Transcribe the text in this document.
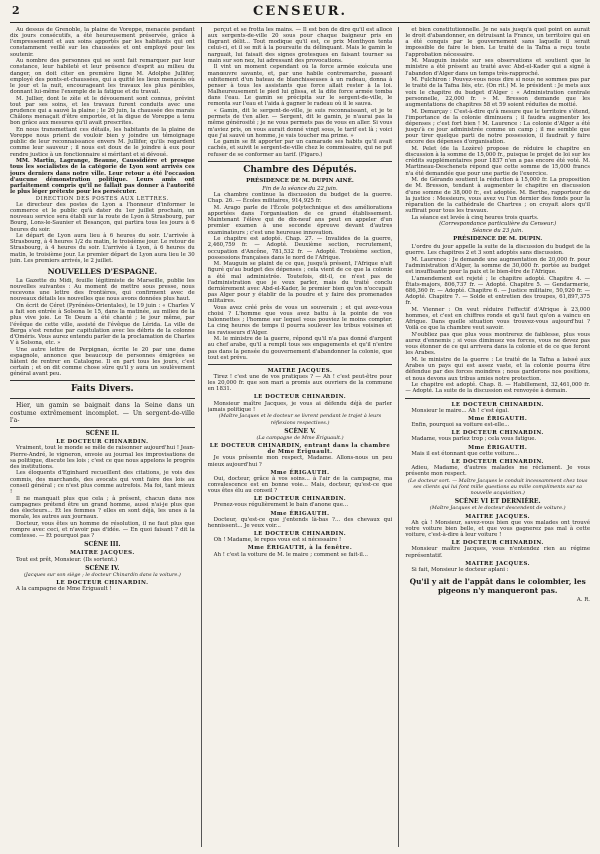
2	CENSEUR.

Au dessus de Grenoble, la plaine de Voreppe, menacée pendant dix jours consécutifs, a été heureusement préservée, grâce à l'empressement et aux soins apportés par les habitants qui ont constamment veillé sur les chaussées et ont employé pour les soutenir.

Au nombre des personnes qui se sont fait remarquer par leur constance, leur habileté et leur présence d'esprit au milieu du danger, on doit citer en première ligne M. Adolphe Jullifer, employé des ponts-et-chaussées, qui a quitté les lieux menacés où le jour et la nuit, encourageant les travaux les plus pénibles, donnant lui-même l'exemple de la fatigue et du travail.

M. Jullier, dont le zèle et le dévouement sont connus, prévint tout par ses soins, et les travaux furent conduits avec une prudence qui a sauvé la plaine ; le 20 juin, la chaussée des marais Châlons menaçait d'être emportée, et la digue de Voreppe a tenu bon grâce aux mesures qu'il avait prescrites.

En nous transmettant ces détails, les habitants de la plaine de Voreppe nous prient de vouloir bien y joindre un témoignage public de leur reconnaissance envers M. Jullifer, qu'ils regardent comme leur sauveur ; il nous est doux de le joindre à eux pour rendre justice à un fonctionnaire si méritant et si dévoué.

MM. Martin, Lagrange, Beaune, Caussidière et presque tous les socialistes de la catégorie de Lyon sont arrivés ces jours derniers dans notre ville. Leur retour a été l'occasion d'aucune démonstration politique. Leurs amis ont parfaitement compris qu'il ne fallait pas donner à l'autorité le plus léger prétexte pour les persécuter.

DIRECTION DES POSTES AUX LETTRES.

Le directeur des postes de Lyon a l'honneur d'informer le commerce et le public qu'à dater du 1er juillet prochain, un nouveau service sera établi sur la route de Lyon à Strasbourg, par Bourg, Lons-le-Saunier et Besançon, qui partira tous les jours à 6 heures du soir.

Le départ de Lyon aura lieu à 6 heures du soir. L'arrivée à Strasbourg, à 4 heures 1/2 du matin, le troisième jour. Le retour de Strasbourg, à 4 heures du soir. L'arrivée à Lyon, à 6 heures du matin, le troisième jour. Le premier départ de Lyon aura lieu le 30 juin. Les premiers arrivés, le 2 juillet.

NOUVELLES D'ESPAGNE.

La Gazette du Midi, feuille légitimiste de Marseille, publie les nouvelles suivantes : Au moment de mettre sous presse, nous recevons une lettre des frontières, qui confirment avec de nouveaux détails les nouvelles que nous avons données plus haut.

On écrit de Céret (Pyrénées-Orientales), le 19 juin : « Charles V a fait son entrée à Solsona le 15, dans la matinée, au milieu de la plus vive joie. Le Te Deum a été chanté ; le jour même, par l'évêque de cette ville, assisté de l'évêque de Lérida. La ville de Berga s'est rendue par capitulation avec les débris de la colonne d'Oméris. Vous aurez entendu parler de la proclamation de Charles V à Solsona, etc. »

Une autre lettre de Perpignan, écrite le 20 par une dame espagnole, annonce que beaucoup de personnes émigrées se hâtent de rentrer en Catalogne. Il en part tous les jours, c'est certain ; et on dit comme chose sûre qu'il y aura un soulèvement général avant peu.

Faits Divers.

Hier, un gamin se baignait dans la Seine dans un costume extrêmement incomplet. — Un sergent-de-ville l'a-

SCÈNE II.
LE DOCTEUR CHINARDIN.

Vraiment, tout le monde se mêle de raisonner aujourd'hui ! Jean-Pierre-André, le vigneron, envoie au journal les improvisations de sa politique, discute les lois ; c'est ce que nous appelons le progrès des institutions.

Les éloquents d'Eginhard recueillent des citations, je vois des commis, des marchands, des avocats qui vont faire des lois au conseil général ; ce n'est plus comme autrefois. Ma foi, tant mieux !

Il ne manquait plus que cela ; à présent, chacun dans nos campagnes prétend être un grand homme, aussi n'ai-je plus que des électeurs... Et les femmes ? elles en sont déjà, les unes à la morale, les autres aux journaux.

Docteur, vous êtes un homme de résolution, il ne faut plus que rompre avec ceci, et n'avoir pas d'idée. — En quoi faisant ? dit la comtesse. — Et pourquoi pas ?

SCÈNE III.
MAITRE JACQUES.

Tout est prêt, Monsieur. (Ils sortent.)

SCÈNE IV.
(Jacques sur son siège ; le docteur Chinardin dans la voiture.)
LE DOCTEUR CHINARDIN.

A la campagne de Mme Ériguault !

perçut et se frotta les mains. — Il est bon de dire qu'il est allocé aux sergents-de-ville 20 sous pour chaque baigneur pris en flagrant délit... Tout modique qu'il est, ce prix Monthyon tenta celui-ci, et il se mit à la poursuite du délinquant. Mais le gamin le narguait, lui faisait des signes grotesques en faisant tourner sa main sur son nez, lui adressant des provocations.

Il vint un moment cependant où la force armée exécuta une manœuvre savante, et, par une habile contremarche, passant subitement d'un bateau de blanchisseuses à un radeau, donna à penser à tous les assistants que force allait rester à la loi. Malheureusement le pied lui glissa, et la dite force armée tomba dans l'eau. Le gamin se précipita sur le sergent-de-ville, le remonta sur l'eau et l'aida à gagner le radeau où il le sauva.

« Gamin, dit le sergent-de-ville, je suis reconnaissant, et je te permets de t'en aller. — Sergent, dit le gamin, je n'aurai pas la même générosité ; je ne vous permets pas de vous en aller. Si vous m'aviez pris, on vous aurait donné vingt sous, le tarif est là ; voici que j'ai sauvé un homme, je vais toucher ma prime. »

Le gamin se fit apporter par un camarade ses habits qu'il avait cachés, et suivit le sergent-de-ville chez le commissaire, qui ne put refuser de se conformer au tarif. (Figaro.)

Chambre des Députés.
PRÉSIDENCE DE M. DUPIN AINÉ.
Fin de la séance du 22 juin.

La chambre continue la discussion du budget de la guerre. Chap. 26. — Écoles militaires, 914,925 fr.

M. Arago parle de l'École polytechnique et des améliorations apportées dans l'organisation de ce grand établissement. Maintenant l'élève qui de dix-neuf ans peut en appeler d'un premier examen à une seconde épreuve devant d'autres examinateurs ; c'est une heureuse innovation.

Le chapitre est adopté. Chap. 27. — Invalides de la guerre, 2,460,759 fr. — Adopté. Deuxième section, recrutement, occupation d'Ancône, 781,532 fr. — Adopté. Troisième section, possessions françaises dans le nord de l'Afrique.

M. Mauguin se plaint de ce que, jusqu'à présent, l'Afrique n'ait figuré qu'au budget des dépenses ; cela vient de ce que la colonie a été mal administrée. Toutefois, dit-il, ce n'est pas de l'administration que je veux parler, mais du traité conclu dernièrement avec Abd-el-Kader, le premier bien qu'on n'occupait pas Alger pour y établir de la poudre et y faire des promenades militaires.

Vous avez créé près de vous un souverain ; et qui avez-vous choisi ? L'homme que vous avez battu à la pointe de vos baïonnettes ; l'homme sur lequel vous pouviez le moins compter. La cinq heures de temps il pourra soulever les tribus voisines et les ravisseurs d'Alger.

M. le ministre de la guerre, répond qu'il n'a pas donné d'argent au chef arabe, qu'il a rempli tous ses engagements et qu'il n'entre pas dans la pensée du gouvernement d'abandonner la colonie, que tout est prévu.

MAITRE JACQUES.

Tirez ! c'est une de vos pratiques ? — Ah ! c'est peut-être pour les 20,000 fr. que son mari a promis aux ouvriers de la commune en 1831.

LE DOCTEUR CHINARDIN.

Monsieur maître Jacques, je vous ai défendu déjà de parler jamais politique !

(Maître Jacques et le docteur se livrent pendant le trajet à leurs réflexions respectives.)
SCÈNE V.
(La campagne de Mme Ériguault.)
LE DOCTEUR CHINARDIN, entrant dans la chambre de Mme Ériguault.

Je vous présente mon respect, Madame. Allons-nous un peu mieux aujourd'hui ?

Mme ÉRIGAUTH.

Oui, docteur, grâce à vos soins... à l'air de la campagne, ma convalescence est en bonne voie... Mais, docteur, qu'est-ce que vous êtes élu au conseil ?

LE DOCTEUR CHINARDIN.

Prenez-vous régulièrement le bain d'anone que...

Mme ÉRIGAUTH.

Docteur, qu'est-ce que j'entends là-bas ?... des chevaux qui hennissent... Je veux voir...

LE DOCTEUR CHINARDIN.

Oh ! Madame, le repos vous est si nécessaire !

Mme ÉRIGAUTH, à la fenêtre.

Ah ! c'est la voiture de M. le maire ; comment se fait-il...

et bien constitutionnelle. Je ne sais jusqu'à quel point on aurait le droit d'abandonner, en détruisant la France, un territoire qui en a été conquis par le gouvernement sans laquelle il serait impossible de faire le bien. Le traité de la Tafna a reçu toute l'approbation nécessaire.

M. Mauguin insiste sur ses observations et soutient que le ministre a été présent au traité avec Abd-el-Kader qui a signé à l'abandon d'Alger dans un temps très-rapproché.

M. Fulchiron : Pouvez-vous nous dire si nous ne sommes pas par le traité de la Tafna liés, etc. (On rit.) M. le président : Je mets aux voix le chapitre du budget d'Alger : « Administration centrale personnelle, 22,000 fr. » M. Bresson demande que les augmentations de chapitres 58 et 59 soient réduites de moitié.

M. Demarçay : C'est-à-dire qu'à mesure que le territoire s'étend, l'importance de la colonie diminuera ; il faudra augmenter les dépenses ; c'est fort bien ! M. Laurence : La colonie d'Alger a été jusqu'à ce jour administrée comme un camp ; il me semble que pour tirer quelque parti de notre possession, il faudrait y faire encore des dépenses d'organisation.

M. Pelet (de la Lozère) propose de réduire le chapitre en discussion à la somme de 15,000 fr., puisque le projet de loi sur les crédits supplémentaires pour 1837 n'en a pas encore été voté. M. Martineau-Deschenets répond que cette somme de 15,000 francs n'a été demandée que pour une partie de l'exercice.

M. de Gérando soutient la réduction à 15,000 fr. La proposition de M. Bresson, tendant à augmenter le chapitre en discussion d'une somme de 38,000 fr., est adoptée. M. Berthe, rapporteur de la justice : Messieurs, vous avez vu l'un dernier des fonds pour la réparation de la cathédrale de Chartres ; on croyait alors qu'il suffirait pour tous les travaux.

La séance est levée à cinq heures trois quarts.

(Correspondance particulière du Censeur.)
Séance du 23 juin.
PRÉSIDENCE DE M. DUPIN.

L'ordre du jour appelle la suite de la discussion du budget de la guerre. Les chapitres 2 et 3 sont adoptés sans discussion.

M. Laurence : Je demande une augmentation de 20,000 fr. pour l'administration d'Alger, la somme de 30,000 fr. portée au budget est insuffisante pour la paix et le bien-être de l'Afrique.

L'amendement est rejeté ; le chapitre adopté. Chapitre 4. — États-majors, 806,737 fr. — Adopté. Chapitre 5. — Gendarmerie, 686,360 fr. — Adopté. Chapitre 6. — Justice militaire, 50,920 fr. — Adopté. Chapitre 7. — Solde et entretien des troupes, 61,897,375 fr.

M. Vienner : On veut réduire l'effectif d'Afrique à 23,000 hommes, et c'est en chiffres ronds et qu'il faut qu'on a vaincu en Afrique. Dans quelle situation vous trouvez-vous aujourd'hui ? Voilà ce que la chambre veut savoir.

N'oubliez pas que plus vous montrerez de faiblesse, plus vous aurez d'ennemis ; si vous diminuez vos forces, vous ne devez pas vous étonner de ce qui arrivera dans la colonie et de ce que feront les Arabes.

M. le ministre de la guerre : Le traité de la Tafna a laissé aux Arabes un pays qui est assez vaste, et la colonie pourra être défendue par des forces moindres ; nous garderons nos positions, et nous devons aux tribus amies notre protection.

Le chapitre est adopté. Chap. 8. — Habillement, 32,461,000 fr. — Adopté. La suite de la discussion est renvoyée à demain.

LE DOCTEUR CHINARDIN.

Monsieur le maire... Ah ! c'est égal.

Mme ÉRIGAUTH.

Enfin, pourquoi sa voiture est-elle...

LE DOCTEUR CHINARDIN.

Madame, vous parlez trop ; cela vous fatigue.

Mme ÉRIGAUTH.

Mais il est étonnant que cette voiture...

LE DOCTEUR CHINARDIN.

Adieu, Madame, d'autres malades me réclament. Je vous présente mon respect.

(Le docteur sort. — Maître Jacques le conduit incessamment chez tous ses clients qui lui font mille questions au mille compliments sur sa nouvelle acquisition.)
SCÈNE VI ET DERNIÈRE.
(Maître Jacques et le docteur descendent de voiture.)
MAITRE JACQUES.

Ah çà ! Monsieur, savez-vous bien que vos malades ont trouvé votre voiture bien belle, et que vous gagnerez pas mal à cette voiture, c'est-à-dire à leur voiture !

LE DOCTEUR CHINARDIN.

Monsieur maître Jacques, vous n'entendez rien au régime représentatif.

MAITRE JACQUES.

Si fait, Monsieur le docteur aplani :

Qu'il y ait de l'appât dans le colombier, les pigeons n'y manqueront pas.
A. R.
